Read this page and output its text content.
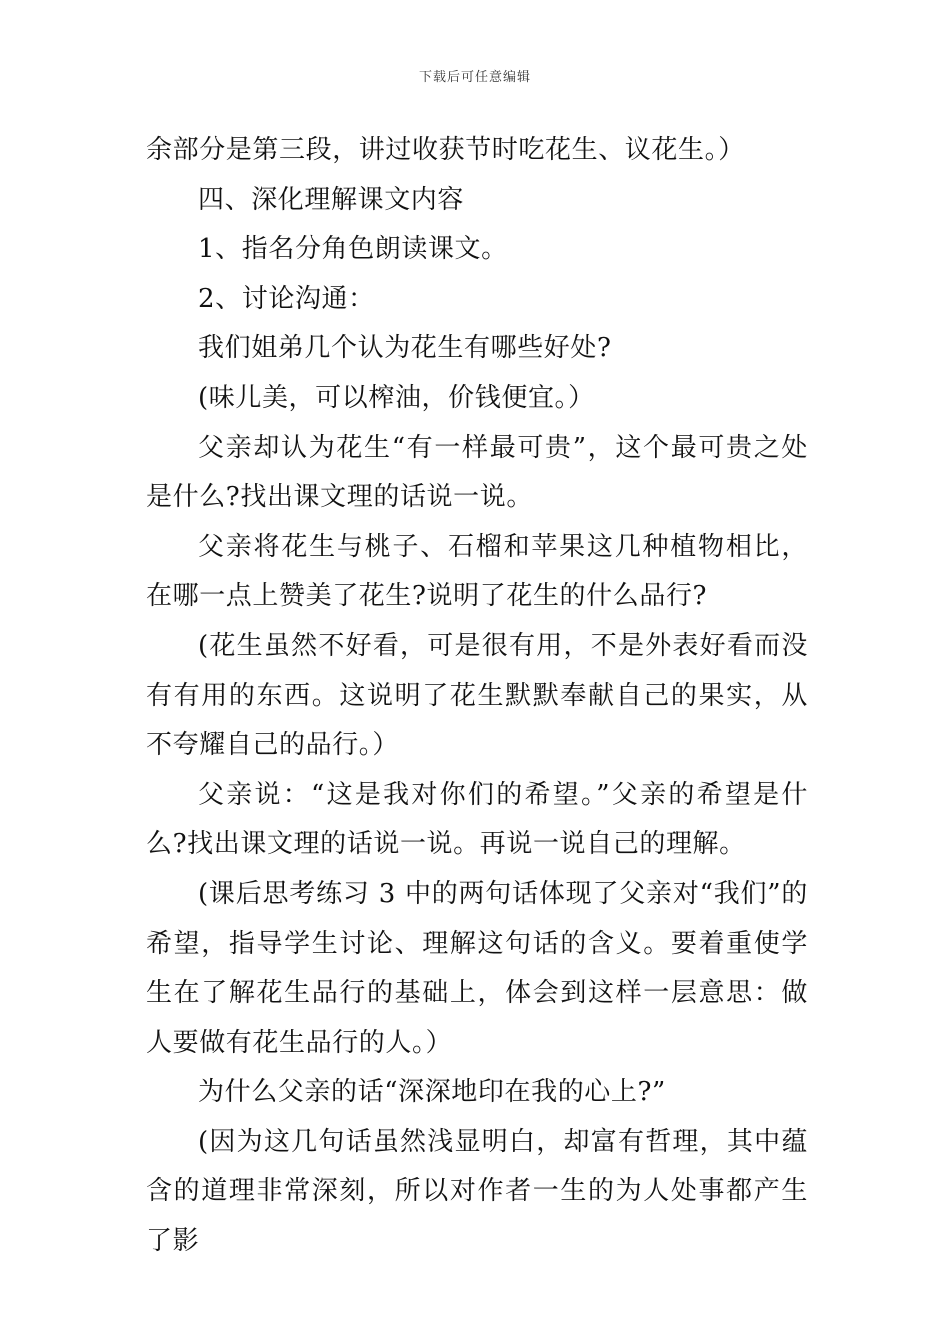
下载后可任意编辑

余部分是第三段，讲过收获节时吃花生、议花生。）

四、深化理解课文内容

1、指名分角色朗读课文。

2、讨论沟通：

我们姐弟几个认为花生有哪些好处?

(味儿美，可以榨油，价钱便宜。）

父亲却认为花生“有一样最可贵”，这个最可贵之处是什么?找出课文理的话说一说。

父亲将花生与桃子、石榴和苹果这几种植物相比，在哪一点上赞美了花生?说明了花生的什么品行?

(花生虽然不好看，可是很有用，不是外表好看而没有有用的东西。这说明了花生默默奉献自己的果实，从不夸耀自己的品行。）

父亲说：“这是我对你们的希望。”父亲的希望是什么?找出课文理的话说一说。再说一说自己的理解。

(课后思考练习 3 中的两句话体现了父亲对“我们”的希望，指导学生讨论、理解这句话的含义。要着重使学生在了解花生品行的基础上，体会到这样一层意思：做人要做有花生品行的人。）

为什么父亲的话“深深地印在我的心上?”

(因为这几句话虽然浅显明白，却富有哲理，其中蕴含的道理非常深刻，所以对作者一生的为人处事都产生了影
